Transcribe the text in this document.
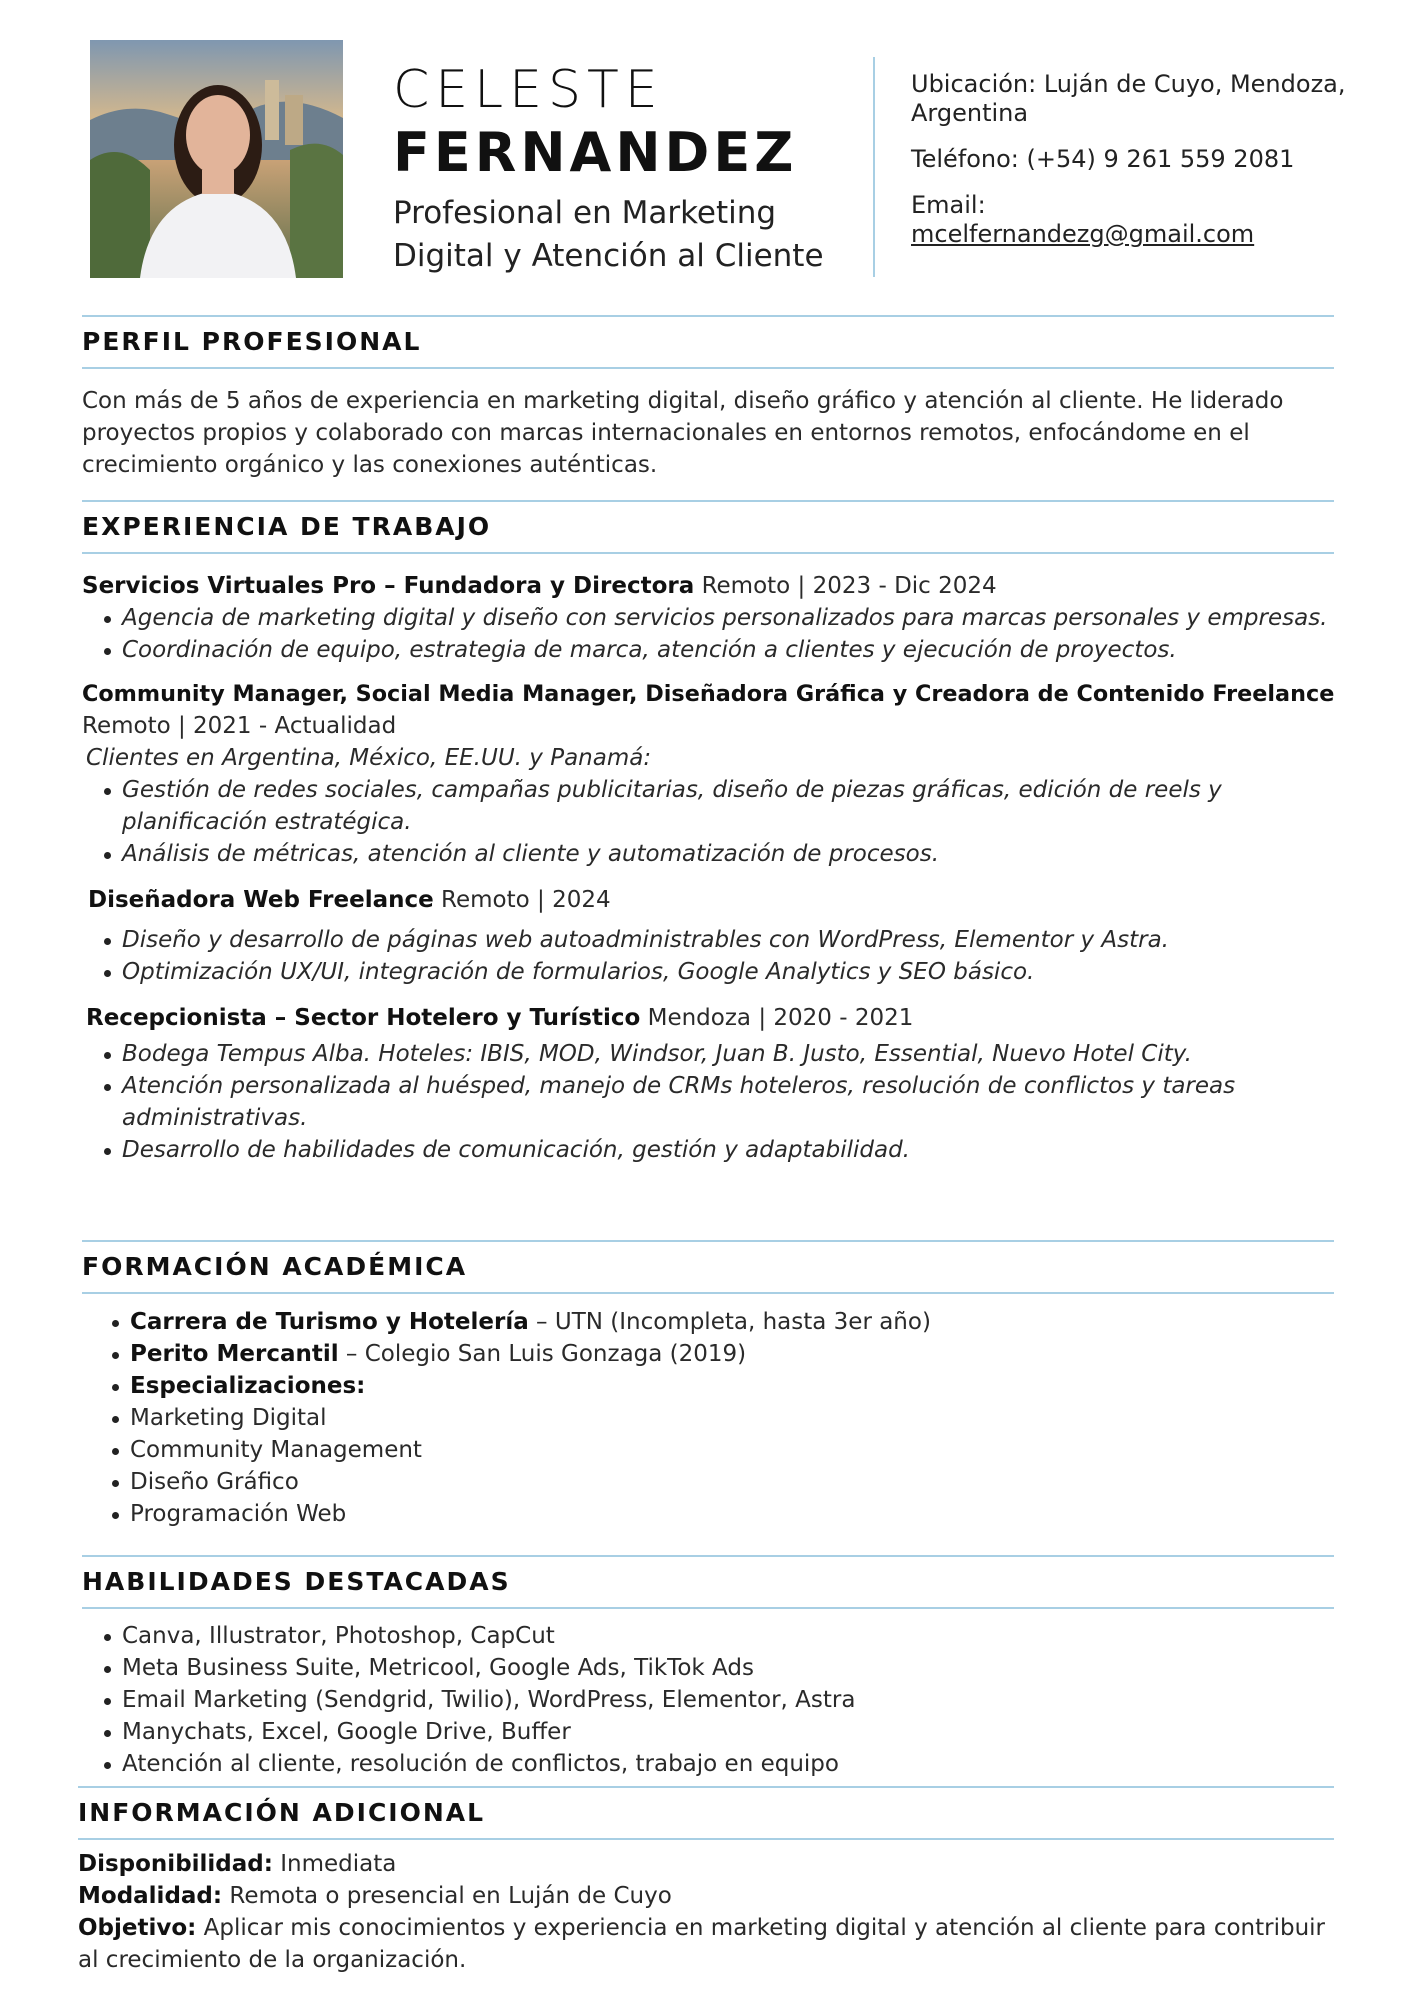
CELESTE
FERNANDEZ
Profesional en Marketing Digital y Atención al Cliente
Ubicación: Luján de Cuyo, Mendoza, Argentina
Teléfono: (+54) 9 261 559 2081
Email:
mcelfernandezg@gmail.com
PERFIL PROFESIONAL
Con más de 5 años de experiencia en marketing digital, diseño gráfico y atención al cliente. He liderado proyectos propios y colaborado con marcas internacionales en entornos remotos, enfocándome en el crecimiento orgánico y las conexiones auténticas.
EXPERIENCIA DE TRABAJO
Servicios Virtuales Pro – Fundadora y Directora Remoto | 2023 - Dic 2024
Agencia de marketing digital y diseño con servicios personalizados para marcas personales y empresas.
Coordinación de equipo, estrategia de marca, atención a clientes y ejecución de proyectos.
Community Manager, Social Media Manager, Diseñadora Gráfica y Creadora de Contenido Freelance
Remoto | 2021 - Actualidad
Clientes en Argentina, México, EE.UU. y Panamá:
Gestión de redes sociales, campañas publicitarias, diseño de piezas gráficas, edición de reels y planificación estratégica.
Análisis de métricas, atención al cliente y automatización de procesos.
Diseñadora Web Freelance Remoto | 2024
Diseño y desarrollo de páginas web autoadministrables con WordPress, Elementor y Astra.
Optimización UX/UI, integración de formularios, Google Analytics y SEO básico.
Recepcionista – Sector Hotelero y Turístico Mendoza | 2020 - 2021
Bodega Tempus Alba. Hoteles: IBIS, MOD, Windsor, Juan B. Justo, Essential, Nuevo Hotel City.
Atención personalizada al huésped, manejo de CRMs hoteleros, resolución de conflictos y tareas administrativas.
Desarrollo de habilidades de comunicación, gestión y adaptabilidad.
FORMACIÓN ACADÉMICA
Carrera de Turismo y Hotelería – UTN (Incompleta, hasta 3er año)
Perito Mercantil – Colegio San Luis Gonzaga (2019)
Especializaciones:
Marketing Digital
Community Management
Diseño Gráfico
Programación Web
HABILIDADES DESTACADAS
Canva, Illustrator, Photoshop, CapCut
Meta Business Suite, Metricool, Google Ads, TikTok Ads
Email Marketing (Sendgrid, Twilio), WordPress, Elementor, Astra
Manychats, Excel, Google Drive, Buffer
Atención al cliente, resolución de conflictos, trabajo en equipo
INFORMACIÓN ADICIONAL
Disponibilidad: Inmediata
Modalidad: Remota o presencial en Luján de Cuyo
Objetivo: Aplicar mis conocimientos y experiencia en marketing digital y atención al cliente para contribuir al crecimiento de la organización.
